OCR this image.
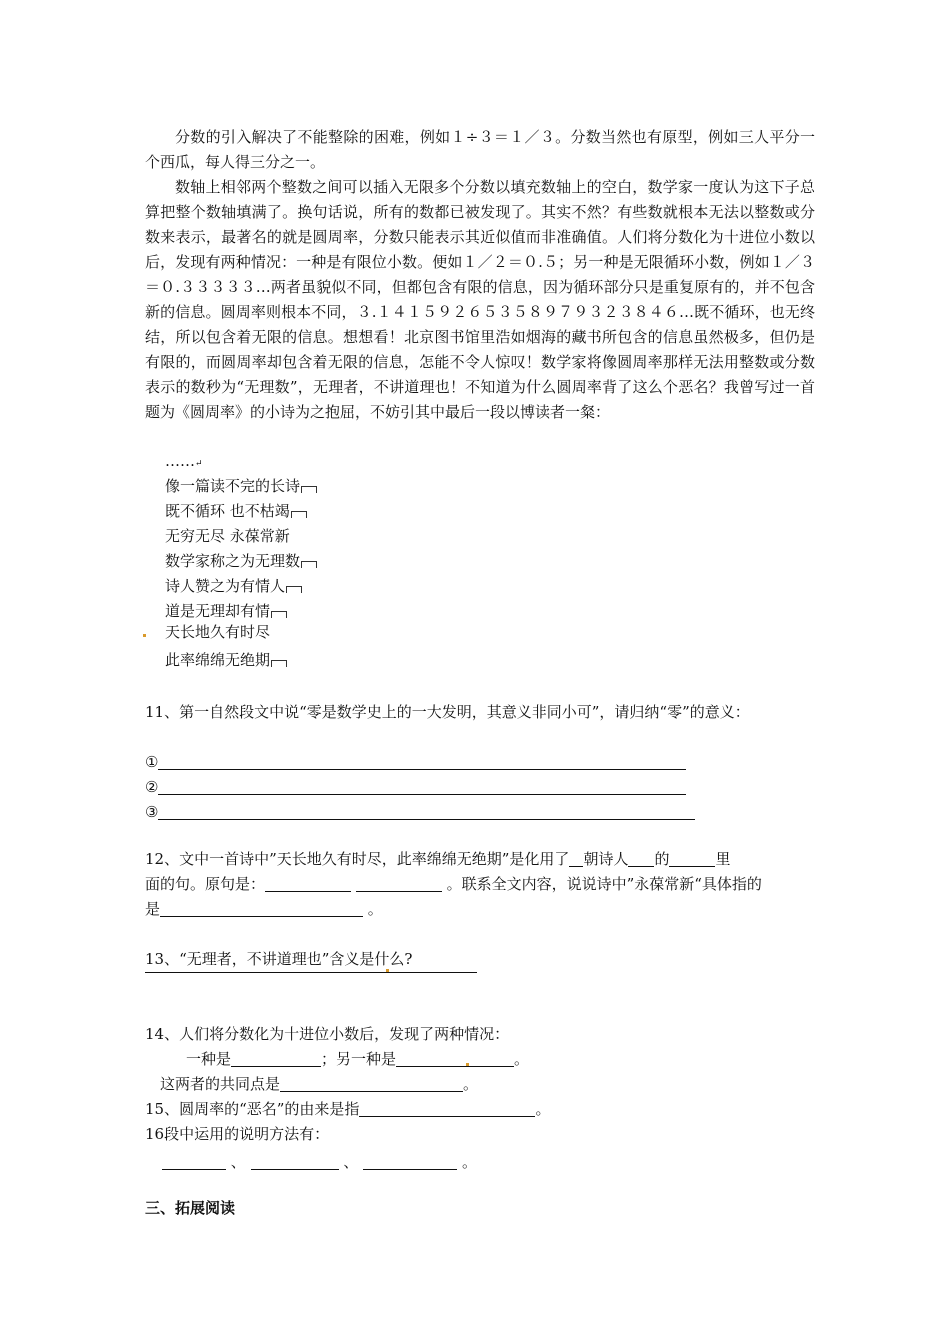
分数的引入解决了不能整除的困难，例如１÷３＝１／３。分数当然也有原型，例如三人平分一个西瓜，每人得三分之一。

数轴上相邻两个整数之间可以插入无限多个分数以填充数轴上的空白，数学家一度认为这下子总算把整个数轴填满了。换句话说，所有的数都已被发现了。其实不然？有些数就根本无法以整数或分数来表示，最著名的就是圆周率，分数只能表示其近似值而非准确值。人们将分数化为十进位小数以后，发现有两种情况：一种是有限位小数。便如１／２＝０.５；另一种是无限循环小数，例如１／３＝０.３３３３３…两者虽貌似不同，但都包含有限的信息，因为循环部分只是重复原有的，并不包含新的信息。圆周率则根本不同，３.１４１５９２６５３５８９７９３２３８４６…既不循环，也无终结，所以包含着无限的信息。想想看！北京图书馆里浩如烟海的藏书所包含的信息虽然极多，但仍是有限的，而圆周率却包含着无限的信息，怎能不令人惊叹！数学家将像圆周率那样无法用整数或分数表示的数秒为“无理数”，无理者，不讲道理也！不知道为什么圆周率背了这么个恶名？我曾写过一首题为《圆周率》的小诗为之抱屈，不妨引其中最后一段以博读者一粲：

……↵
像一篇读不完的长诗
既不循环 也不枯竭
无穷无尽 永葆常新
数学家称之为无理数
诗人赞之为有情人
道是无理却有情
天长地久有时尽
此率绵绵无绝期

11、第一自然段文中说“零是数学史上的一大发明，其意义非同小可”，请归纳“零”的意义：

①
②
③
12、文中一首诗中”天长地久有时尽，此率绵绵无绝期”是化用了 朝诗人 的	里
面的句。原句是：	。联系全文内容，说说诗中”永葆常新“具体指的
是	。
13、“无理者，不讲道理也”含义是什么?
14、人们将分数化为十进位小数后，发现了两种情况：
一种是	；另一种是	。
这两者的共同点是	。
15、圆周率的“恶名”的由来是指	。
16段中运用的说明方法有：
、	、	。
三、拓展阅读
